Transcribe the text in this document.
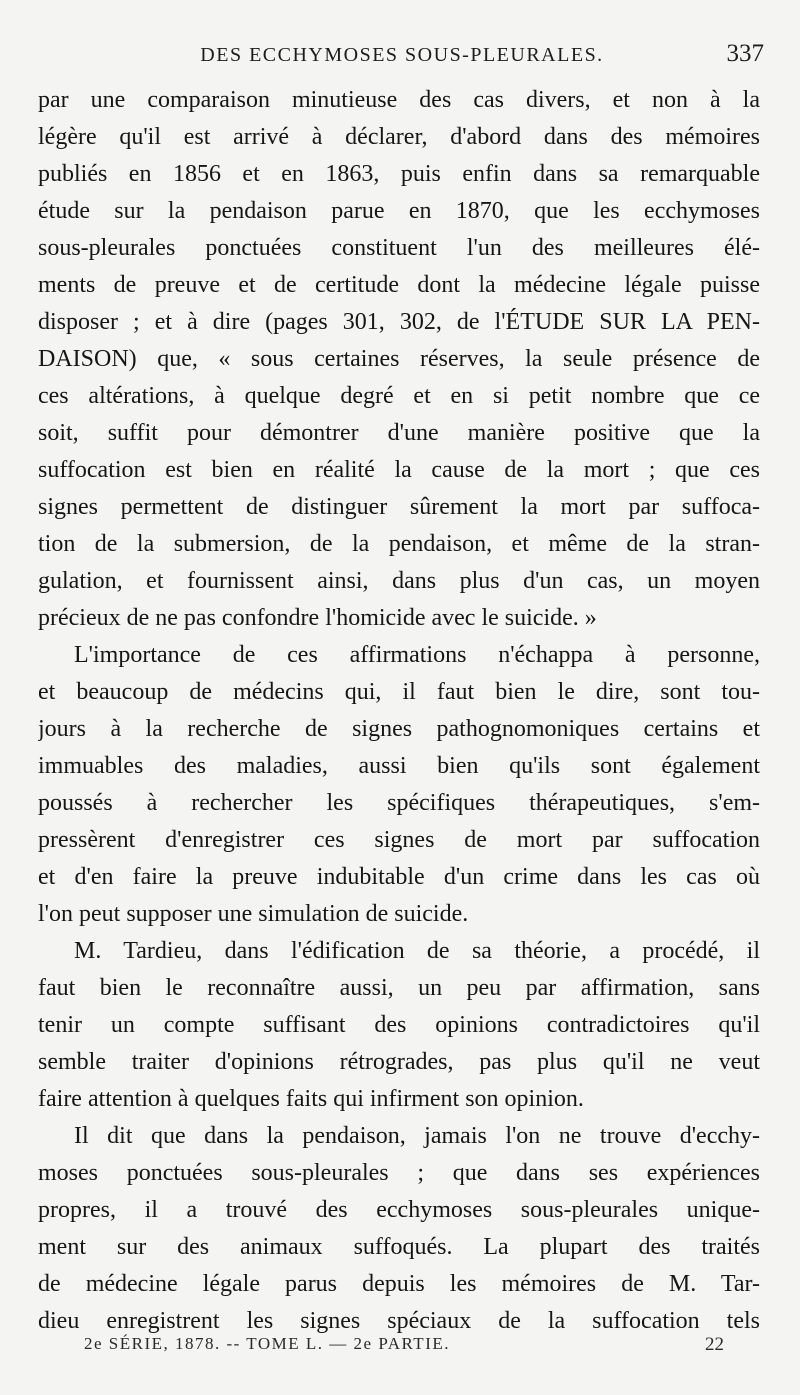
DES ECCHYMOSES SOUS-PLEURALES.	337
par une comparaison minutieuse des cas divers, et non à la
légère qu'il est arrivé à déclarer, d'abord dans des mémoires
publiés en 1856 et en 1863, puis enfin dans sa remarquable
étude sur la pendaison parue en 1870, que les ecchymoses
sous-pleurales ponctuées constituent l'un des meilleures élé-
ments de preuve et de certitude dont la médecine légale puisse
disposer ; et à dire (pages 301, 302, de l'ÉTUDE SUR LA PEN-
DAISON) que, « sous certaines réserves, la seule présence de
ces altérations, à quelque degré et en si petit nombre que ce
soit, suffit pour démontrer d'une manière positive que la
suffocation est bien en réalité la cause de la mort ; que ces
signes permettent de distinguer sûrement la mort par suffoca-
tion de la submersion, de la pendaison, et même de la stran-
gulation, et fournissent ainsi, dans plus d'un cas, un moyen
précieux de ne pas confondre l'homicide avec le suicide. »
L'importance de ces affirmations n'échappa à personne,
et beaucoup de médecins qui, il faut bien le dire, sont tou-
jours à la recherche de signes pathognomoniques certains et
immuables des maladies, aussi bien qu'ils sont également
poussés à rechercher les spécifiques thérapeutiques, s'em-
pressèrent d'enregistrer ces signes de mort par suffocation
et d'en faire la preuve indubitable d'un crime dans les cas où
l'on peut supposer une simulation de suicide.
M. Tardieu, dans l'édification de sa théorie, a procédé, il
faut bien le reconnaître aussi, un peu par affirmation, sans
tenir un compte suffisant des opinions contradictoires qu'il
semble traiter d'opinions rétrogrades, pas plus qu'il ne veut
faire attention à quelques faits qui infirment son opinion.
Il dit que dans la pendaison, jamais l'on ne trouve d'ecchy-
moses ponctuées sous-pleurales ; que dans ses expériences
propres, il a trouvé des ecchymoses sous-pleurales unique-
ment sur des animaux suffoqués. La plupart des traités
de médecine légale parus depuis les mémoires de M. Tar-
dieu enregistrent les signes spéciaux de la suffocation tels
2e SÉRIE, 1878. -- TOME L. — 2e PARTIE.	22
